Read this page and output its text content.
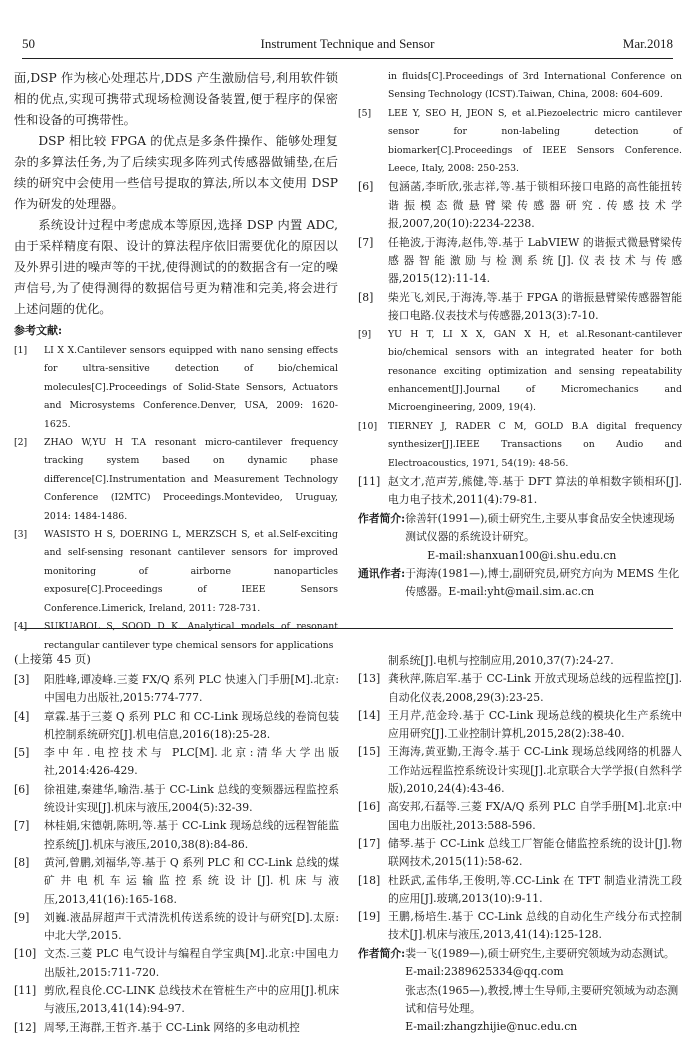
50	Instrument Technique and Sensor	Mar.2018

面,DSP 作为核心处理芯片,DDS 产生激励信号,利用软件锁相的优点,实现可携带式现场检测设备装置,便于程序的保密性和设备的可携带性。

DSP 相比较 FPGA 的优点是多条件操作、能够处理复杂的多算法任务,为了后续实现多阵列式传感器做铺垫,在后续的研究中会使用一些信号提取的算法,所以本文使用 DSP 作为研发的处理器。

系统设计过程中考虑成本等原因,选择 DSP 内置 ADC,由于采样精度有限、设计的算法程序依旧需要优化的原因以及外界引进的噪声等的干扰,使得测试的的数据含有一定的噪声信号,为了使得测得的数据信号更为精准和完美,将会进行上述问题的优化。

参考文献:
[1]	LI X X.Cantilever sensors equipped with nano sensing effects for ultra-sensitive detection of bio/chemical molecules[C].Proceedings of Solid-State Sensors, Actuators and Microsystems Conference.Denver, USA, 2009: 1620-1625.
[2]	ZHAO W,YU H T.A resonant micro-cantilever frequency tracking system based on dynamic phase difference[C].Instrumentation and Measurement Technology Conference (I2MTC) Proceedings.Montevideo, Uruguay, 2014: 1484-1486.
[3]	WASISTO H S, DOERING L, MERZSCH S, et al.Self-exciting and self-sensing resonant cantilever sensors for improved monitoring of airborne nanoparticles exposure[C].Proceedings of IEEE Sensors Conference.Limerick, Ireland, 2011: 728-731.
[4]	SUKUABOL S, SOOD D K. Analytical models of resonant rectangular cantilever type chemical sensors for applications
in fluids[C].Proceedings of 3rd International Conference on Sensing Technology (ICST).Taiwan, China, 2008: 604-609.
[5]	LEE Y, SEO H, JEON S, et al.Piezoelectric micro cantilever sensor for non-labeling detection of biomarker[C].Proceedings of IEEE Sensors Conference. Leece, Italy, 2008: 250-253.
[6]	包涵菡,李昕欣,张志祥,等.基于锁相环接口电路的高性能扭转谐振模态微悬臂梁传感器研究.传感技术学报,2007,20(10):2234-2238.
[7]	任艳波,于海涛,赵伟,等.基于 LabVIEW 的谐振式微悬臂梁传感器智能激励与检测系统[J].仪表技术与传感器,2015(12):11-14.
[8]	柴光飞,刘民,于海涛,等.基于 FPGA 的谐振悬臂梁传感器智能接口电路.仪表技术与传感器,2013(3):7-10.
[9]	YU H T, LI X X, GAN X H, et al.Resonant-cantilever bio/chemical sensors with an integrated heater for both resonance exciting optimization and sensing repeatability enhancement[J].Journal of Micromechanics and Microengineering, 2009, 19(4).
[10]	TIERNEY J, RADER C M, GOLD B.A digital frequency synthesizer[J].IEEE Transactions on Audio and Electroacoustics, 1971, 54(19): 48-56.
[11] 赵文才,范声芳,熊健,等.基于 DFT 算法的单相数字锁相环[J].电力电子技术,2011(4):79-81.
作者简介: 徐善轩(1991—),硕士研究生,主要从事食品安全快速现场测试仪器的系统设计研究。
E-mail:shanxuan100@i.shu.edu.cn
通讯作者: 于海涛(1981—),博士,副研究员,研究方向为 MEMS 生化传感器。E-mail:yht@mail.sim.ac.cn
(上接第 45 页)
[3]	阳胜峰,谭凌峰.三菱 FX/Q 系列 PLC 快速入门手册[M].北京:中国电力出版社,2015:774-777.
[4]	章霖.基于三菱 Q 系列 PLC 和 CC-Link 现场总线的卷筒包装机控制系统研究[J].机电信息,2016(18):25-28.
[5]	李中年.电控技术与 PLC[M].北京:清华大学出版社,2014:426-429.
[6]	徐祖建,秦建华,喻浩.基于 CC-Link 总线的变频器远程监控系统设计实现[J].机床与液压,2004(5):32-39.
[7]	林桂娟,宋德朝,陈明,等.基于 CC-Link 现场总线的远程智能监控系统[J].机床与液压,2010,38(8):84-86.
[8]	黄河,曾鹏,刘福华,等.基于 Q 系列 PLC 和 CC-Link 总线的煤矿井电机车运输监控系统设计[J].机床与液压,2013,41(16):165-168.
[9]	刘巍.液晶屏超声干式清洗机传送系统的设计与研究[D].太原:中北大学,2015.
[10] 文杰.三菱 PLC 电气设计与编程自学宝典[M].北京:中国电力出版社,2015:711-720.
[11] 剪欣,程良伦.CC-LINK 总线技术在管桩生产中的应用[J].机床与液压,2013,41(14):94-97.
[12] 周琴,王海群,王哲齐.基于 CC-Link 网络的多电动机控
制系统[J].电机与控制应用,2010,37(7):24-27.
[13] 龚秋萍,陈启军.基于 CC-Link 开放式现场总线的远程监控[J].自动化仪表,2008,29(3):23-25.
[14] 王月芹,范金玲.基于 CC-Link 现场总线的模块化生产系统中应用研究[J].工业控制计算机,2015,28(2):38-40.
[15] 王海涛,黄亚勤,王海令.基于 CC-Link 现场总线网络的机器人工作站远程监控系统设计实现[J].北京联合大学学报(自然科学版),2010,24(4):43-46.
[16] 高安邦,石磊等.三菱 FX/A/Q 系列 PLC 自学手册[M].北京:中国电力出版社,2013:588-596.
[17] 储琴.基于 CC-Link 总线工厂智能仓储监控系统的设计[J].物联网技术,2015(11):58-62.
[18] 杜跃武,孟伟华,王俊明,等.CC-Link 在 TFT 制造业清洗工段的应用[J].玻璃,2013(10):9-11.
[19] 王鹏,杨培生.基于 CC-Link 总线的自动化生产线分布式控制技术[J].机床与液压,2013,41(14):125-128.
作者简介: 裴一飞(1989—),硕士研究生,主要研究领域为动态测试。E-mail:2389625334@qq.com
张志杰(1965—),教授,博士生导师,主要研究领域为动态测试和信号处理。
E-mail:zhangzhijie@nuc.edu.cn
